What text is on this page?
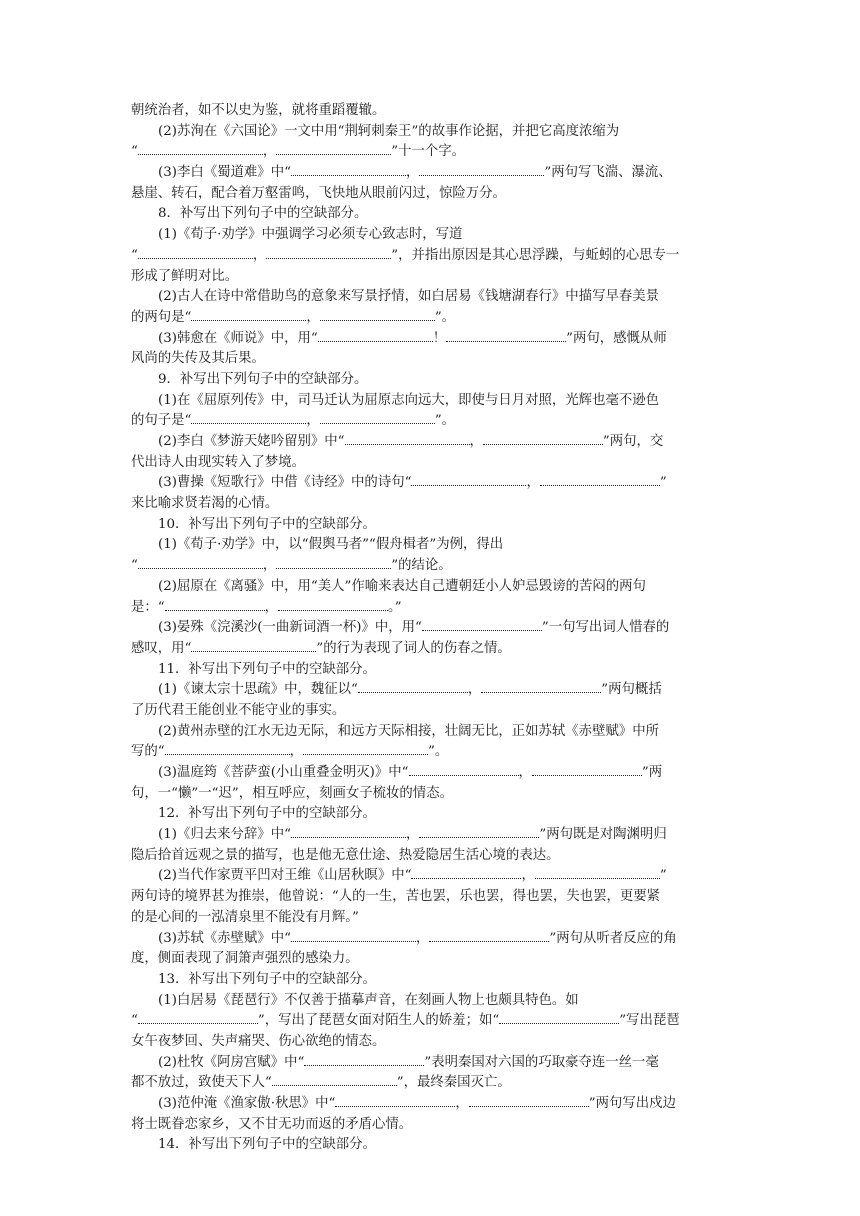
朝统治者，如不以史为鉴，就将重蹈覆辙。
(2)苏洵在《六国论》一文中用“荆轲刺秦王”的故事作论据，并把它高度浓缩为
“	，	”十一个字。
(3)李白《蜀道难》中“	，	”两句写飞湍、瀑流、
悬崖、转石，配合着万壑雷鸣，飞快地从眼前闪过，惊险万分。
8．补写出下列句子中的空缺部分。
(1)《荀子·劝学》中强调学习必须专心致志时，写道
“	，	”，并指出原因是其心思浮躁，与蚯蚓的心思专一
形成了鲜明对比。
(2)古人在诗中常借助鸟的意象来写景抒情，如白居易《钱塘湖春行》中描写早春美景
的两句是“	，	”。
(3)韩愈在《师说》中，用“	！	”两句，感慨从师
风尚的失传及其后果。
9．补写出下列句子中的空缺部分。
(1)在《屈原列传》中，司马迁认为屈原志向远大，即使与日月对照，光辉也毫不逊色
的句子是“	，	”。
(2)李白《梦游天姥吟留别》中“	，	”两句，交
代出诗人由现实转入了梦境。
(3)曹操《短歌行》中借《诗经》中的诗句“	，	”
来比喻求贤若渴的心情。
10．补写出下列句子中的空缺部分。
(1)《荀子·劝学》中，以“假舆马者”“假舟楫者”为例，得出
“	，	”的结论。
(2)屈原在《离骚》中，用“美人”作喻来表达自己遭朝廷小人妒忌毁谤的苦闷的两句
是：“	，	。”
(3)晏殊《浣溪沙(一曲新词酒一杯)》中，用“	”一句写出词人惜春的
感叹，用“	”的行为表现了词人的伤春之情。
11．补写出下列句子中的空缺部分。
(1)《谏太宗十思疏》中，魏征以“	，	”两句概括
了历代君王能创业不能守业的事实。
(2)黄州赤壁的江水无边无际，和远方天际相接，壮阔无比，正如苏轼《赤壁赋》中所
写的“	，	”。
(3)温庭筠《菩萨蛮(小山重叠金明灭)》中“	，	”两
句，一“懒”一“迟”，相互呼应，刻画女子梳妆的情态。
12．补写出下列句子中的空缺部分。
(1)《归去来兮辞》中“	，	”两句既是对陶渊明归
隐后拾首远观之景的描写，也是他无意仕途、热爱隐居生活心境的表达。
(2)当代作家贾平凹对王维《山居秋暝》中“	，	”
两句诗的境界甚为推崇，他曾说：“人的一生，苦也罢，乐也罢，得也罢，失也罢，更要紧
的是心间的一泓清泉里不能没有月辉。”
(3)苏轼《赤壁赋》中“	，	”两句从听者反应的角
度，侧面表现了洞箫声强烈的感染力。
13．补写出下列句子中的空缺部分。
(1)白居易《琵琶行》不仅善于描摹声音，在刻画人物上也颇具特色。如
“	”，写出了琵琶女面对陌生人的娇羞；如“	”写出琵琶
女午夜梦回、失声痛哭、伤心欲绝的情态。
(2)杜牧《阿房宫赋》中“	”表明秦国对六国的巧取豪夺连一丝一毫
都不放过，致使天下人“	”，最终秦国灭亡。
(3)范仲淹《渔家傲·秋思》中“	，	”两句写出戍边
将士既眷恋家乡，又不甘无功而返的矛盾心情。
14．补写出下列句子中的空缺部分。
